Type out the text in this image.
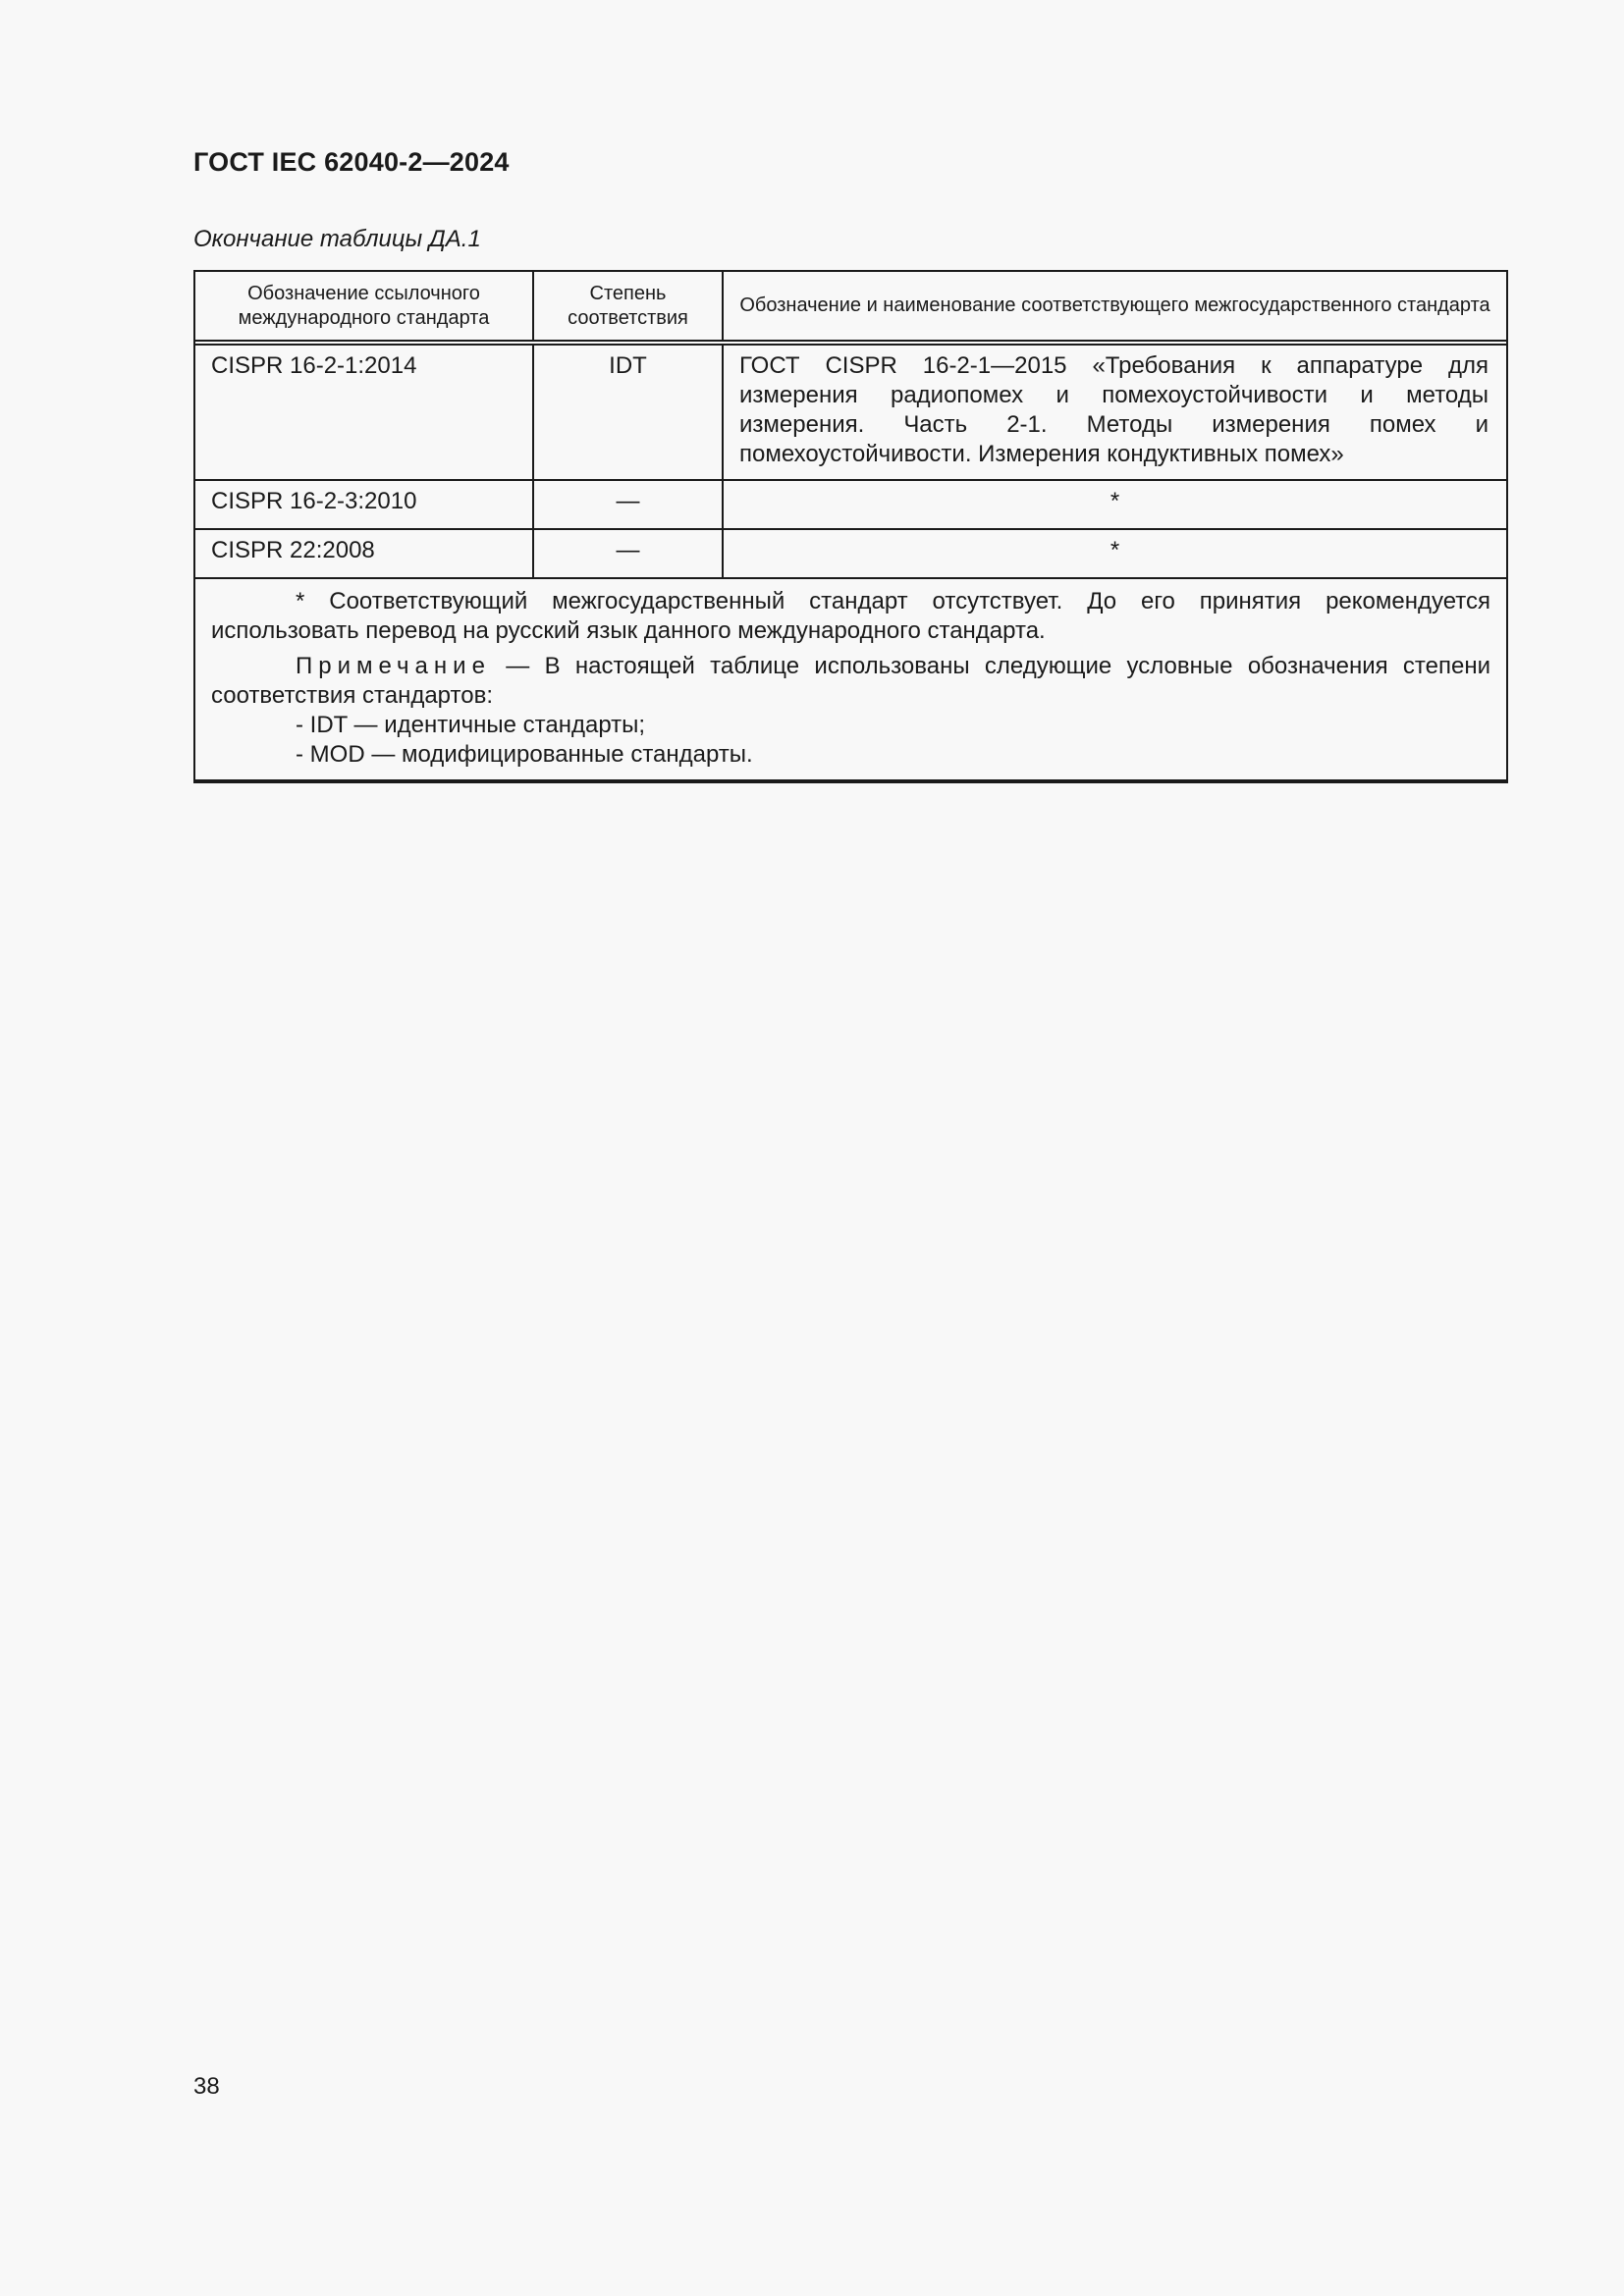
ГОСТ IEC 62040-2—2024
Окончание таблицы ДА.1
Обозначение ссылочного международного стандарта	Степень соответствия	Обозначение и наименование соответствующего межгосударственного стандарта
CISPR 16-2-1:2014	IDT	ГОСТ CISPR 16-2-1—2015 «Требования к аппаратуре для измерения радиопомех и помехоустойчивости и методы измерения. Часть 2-1. Методы измерения помех и помехоустойчивости. Измерения кондуктивных помех»
CISPR 16-2-3:2010	—	*
CISPR 22:2008	—	*

* Соответствующий межгосударственный стандарт отсутствует. До его принятия рекомендуется использовать перевод на русский язык данного международного стандарта.

Примечание — В настоящей таблице использованы следующие условные обозначения степени соответствия стандартов:

- IDT — идентичные стандарты;
- MOD — модифицированные стандарты.		
38
